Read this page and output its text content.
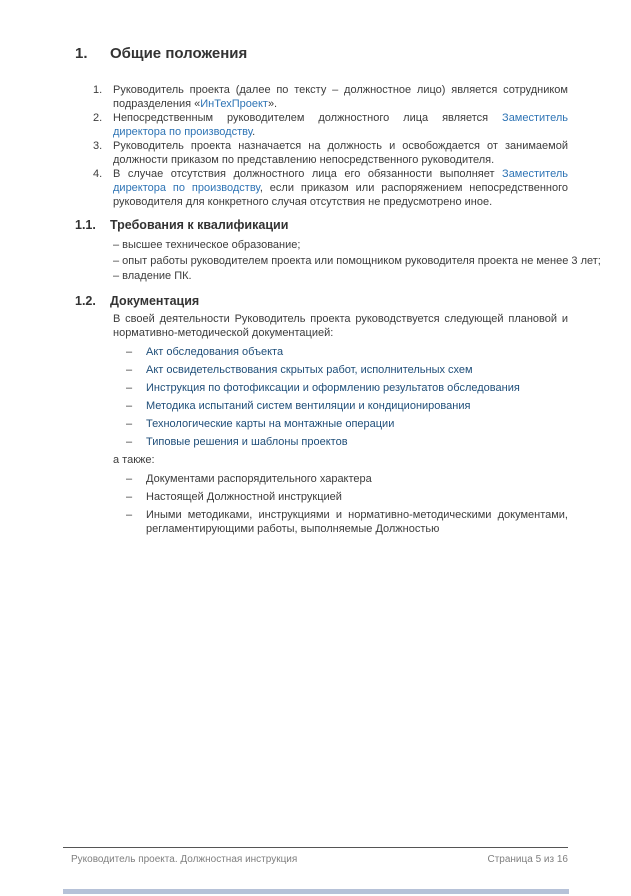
1.	Общие положения
1. Руководитель проекта (далее по тексту – должностное лицо) является сотрудником подразделения «ИнТехПроект».
2. Непосредственным руководителем должностного лица является Заместитель директора по производству.
3. Руководитель проекта назначается на должность и освобождается от занимаемой должности приказом по представлению непосредственного руководителя.
4. В случае отсутствия должностного лица его обязанности выполняет Заместитель директора по производству, если приказом или распоряжением непосредственного руководителя для конкретного случая отсутствия не предусмотрено иное.
1.1.	Требования к квалификации
– высшее техническое образование;
– опыт работы руководителем проекта или помощником руководителя проекта не менее 3 лет;
– владение ПК.
1.2.	Документация

В своей деятельности Руководитель проекта руководствуется следующей плановой и нормативно-методической документацией:

–	Акт обследования объекта
–	Акт освидетельствования скрытых работ, исполнительных схем
–	Инструкция по фотофиксации и оформлению результатов обследования
–	Методика испытаний систем вентиляции и кондиционирования
–	Технологические карты на монтажные операции
–	Типовые решения и шаблоны проектов
а также:
–	Документами распорядительного характера
–	Настоящей Должностной инструкцией
–	Иными методиками, инструкциями и нормативно-методическими документами, регламентирующими работы, выполняемые Должностью
Руководитель проекта. Должностная инструкция	Страница 5 из 16
